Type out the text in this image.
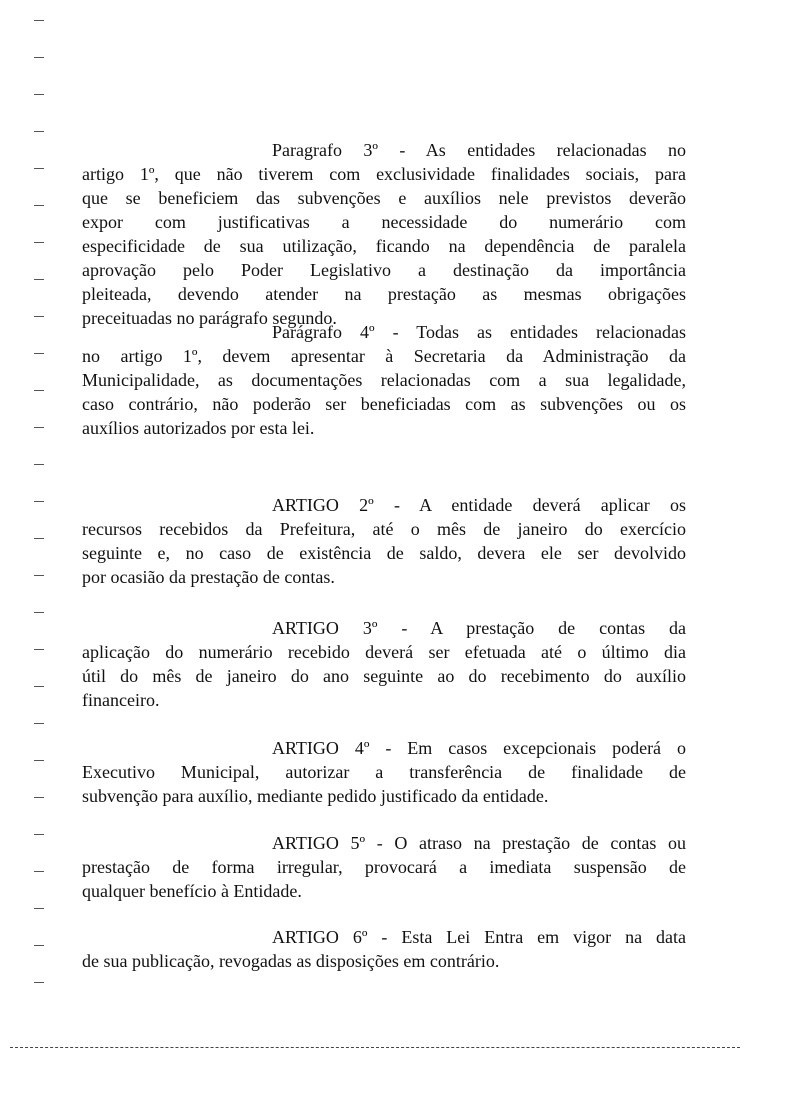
Paragrafo 3º - As entidades relacionadas no
artigo 1º, que não tiverem com exclusividade finalidades sociais, para
que se beneficiem das subvenções e auxílios nele previstos deverão
expor com justificativas a necessidade do numerário com
especificidade de sua utilização, ficando na dependência de paralela
aprovação pelo Poder Legislativo a destinação da importância
pleiteada, devendo atender na prestação as mesmas obrigações
preceituadas no parágrafo segundo.
Parágrafo 4º - Todas as entidades relacionadas
no artigo 1º, devem apresentar à Secretaria da Administração da
Municipalidade, as documentações relacionadas com a sua legalidade,
caso contrário, não poderão ser beneficiadas com as subvenções ou os
auxílios autorizados por esta lei.
ARTIGO 2º - A entidade deverá aplicar os
recursos recebidos da Prefeitura, até o mês de janeiro do exercício
seguinte e, no caso de existência de saldo, devera ele ser devolvido
por ocasião da prestação de contas.
ARTIGO 3º - A prestação de contas da
aplicação do numerário recebido deverá ser efetuada até o último dia
útil do mês de janeiro do ano seguinte ao do recebimento do auxílio
financeiro.
ARTIGO 4º - Em casos excepcionais poderá o
Executivo Municipal, autorizar a transferência de finalidade de
subvenção para auxílio, mediante pedido justificado da entidade.
ARTIGO 5º - O atraso na prestação de contas ou
prestação de forma irregular, provocará a imediata suspensão de
qualquer benefício à Entidade.
ARTIGO 6º - Esta Lei Entra em vigor na data
de sua publicação, revogadas as disposições em contrário.
